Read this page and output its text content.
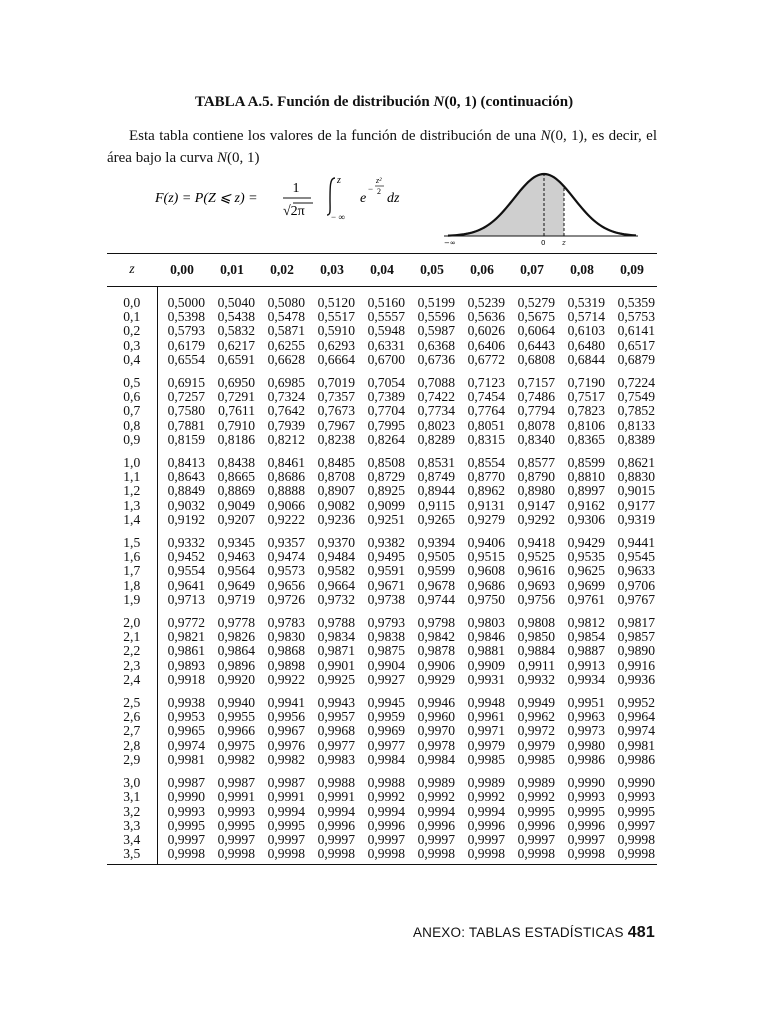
TABLA A.5. Función de distribución N(0, 1) (continuación)
Esta tabla contiene los valores de la función de distribución de una N(0, 1), es decir, el área bajo la curva N(0, 1)
F(z) = P(Z ⩽ z) =
1
√2π
z
− ∞
e
−
z²
2 dz
−∞	0 z
z	0,00	0,01	0,02	0,03	0,04	0,05	0,06	0,07	0,08	0,09

0,0	0,5000	0,5040	0,5080	0,5120	0,5160	0,5199	0,5239	0,5279	0,5319	0,5359
0,1	0,5398	0,5438	0,5478	0,5517	0,5557	0,5596	0,5636	0,5675	0,5714	0,5753
0,2	0,5793	0,5832	0,5871	0,5910	0,5948	0,5987	0,6026	0,6064	0,6103	0,6141
0,3	0,6179	0,6217	0,6255	0,6293	0,6331	0,6368	0,6406	0,6443	0,6480	0,6517
0,4	0,6554	0,6591	0,6628	0,6664	0,6700	0,6736	0,6772	0,6808	0,6844	0,6879

0,5	0,6915	0,6950	0,6985	0,7019	0,7054	0,7088	0,7123	0,7157	0,7190	0,7224
0,6	0,7257	0,7291	0,7324	0,7357	0,7389	0,7422	0,7454	0,7486	0,7517	0,7549
0,7	0,7580	0,7611	0,7642	0,7673	0,7704	0,7734	0,7764	0,7794	0,7823	0,7852
0,8	0,7881	0,7910	0,7939	0,7967	0,7995	0,8023	0,8051	0,8078	0,8106	0,8133
0,9	0,8159	0,8186	0,8212	0,8238	0,8264	0,8289	0,8315	0,8340	0,8365	0,8389

1,0	0,8413	0,8438	0,8461	0,8485	0,8508	0,8531	0,8554	0,8577	0,8599	0,8621
1,1	0,8643	0,8665	0,8686	0,8708	0,8729	0,8749	0,8770	0,8790	0,8810	0,8830
1,2	0,8849	0,8869	0,8888	0,8907	0,8925	0,8944	0,8962	0,8980	0,8997	0,9015
1,3	0,9032	0,9049	0,9066	0,9082	0,9099	0,9115	0,9131	0,9147	0,9162	0,9177
1,4	0,9192	0,9207	0,9222	0,9236	0,9251	0,9265	0,9279	0,9292	0,9306	0,9319

1,5	0,9332	0,9345	0,9357	0,9370	0,9382	0,9394	0,9406	0,9418	0,9429	0,9441
1,6	0,9452	0,9463	0,9474	0,9484	0,9495	0,9505	0,9515	0,9525	0,9535	0,9545
1,7	0,9554	0,9564	0,9573	0,9582	0,9591	0,9599	0,9608	0,9616	0,9625	0,9633
1,8	0,9641	0,9649	0,9656	0,9664	0,9671	0,9678	0,9686	0,9693	0,9699	0,9706
1,9	0,9713	0,9719	0,9726	0,9732	0,9738	0,9744	0,9750	0,9756	0,9761	0,9767

2,0	0,9772	0,9778	0,9783	0,9788	0,9793	0,9798	0,9803	0,9808	0,9812	0,9817
2,1	0,9821	0,9826	0,9830	0,9834	0,9838	0,9842	0,9846	0,9850	0,9854	0,9857
2,2	0,9861	0,9864	0,9868	0,9871	0,9875	0,9878	0,9881	0,9884	0,9887	0,9890
2,3	0,9893	0,9896	0,9898	0,9901	0,9904	0,9906	0,9909	0,9911	0,9913	0,9916
2,4	0,9918	0,9920	0,9922	0,9925	0,9927	0,9929	0,9931	0,9932	0,9934	0,9936

2,5	0,9938	0,9940	0,9941	0,9943	0,9945	0,9946	0,9948	0,9949	0,9951	0,9952
2,6	0,9953	0,9955	0,9956	0,9957	0,9959	0,9960	0,9961	0,9962	0,9963	0,9964
2,7	0,9965	0,9966	0,9967	0,9968	0,9969	0,9970	0,9971	0,9972	0,9973	0,9974
2,8	0,9974	0,9975	0,9976	0,9977	0,9977	0,9978	0,9979	0,9979	0,9980	0,9981
2,9	0,9981	0,9982	0,9982	0,9983	0,9984	0,9984	0,9985	0,9985	0,9986	0,9986

3,0	0,9987	0,9987	0,9987	0,9988	0,9988	0,9989	0,9989	0,9989	0,9990	0,9990
3,1	0,9990	0,9991	0,9991	0,9991	0,9992	0,9992	0,9992	0,9992	0,9993	0,9993
3,2	0,9993	0,9993	0,9994	0,9994	0,9994	0,9994	0,9994	0,9995	0,9995	0,9995
3,3	0,9995	0,9995	0,9995	0,9996	0,9996	0,9996	0,9996	0,9996	0,9996	0,9997
3,4	0,9997	0,9997	0,9997	0,9997	0,9997	0,9997	0,9997	0,9997	0,9997	0,9998
3,5	0,9998	0,9998	0,9998	0,9998	0,9998	0,9998	0,9998	0,9998	0,9998	0,9998
ANEXO: TABLAS ESTADÍSTICAS 481
